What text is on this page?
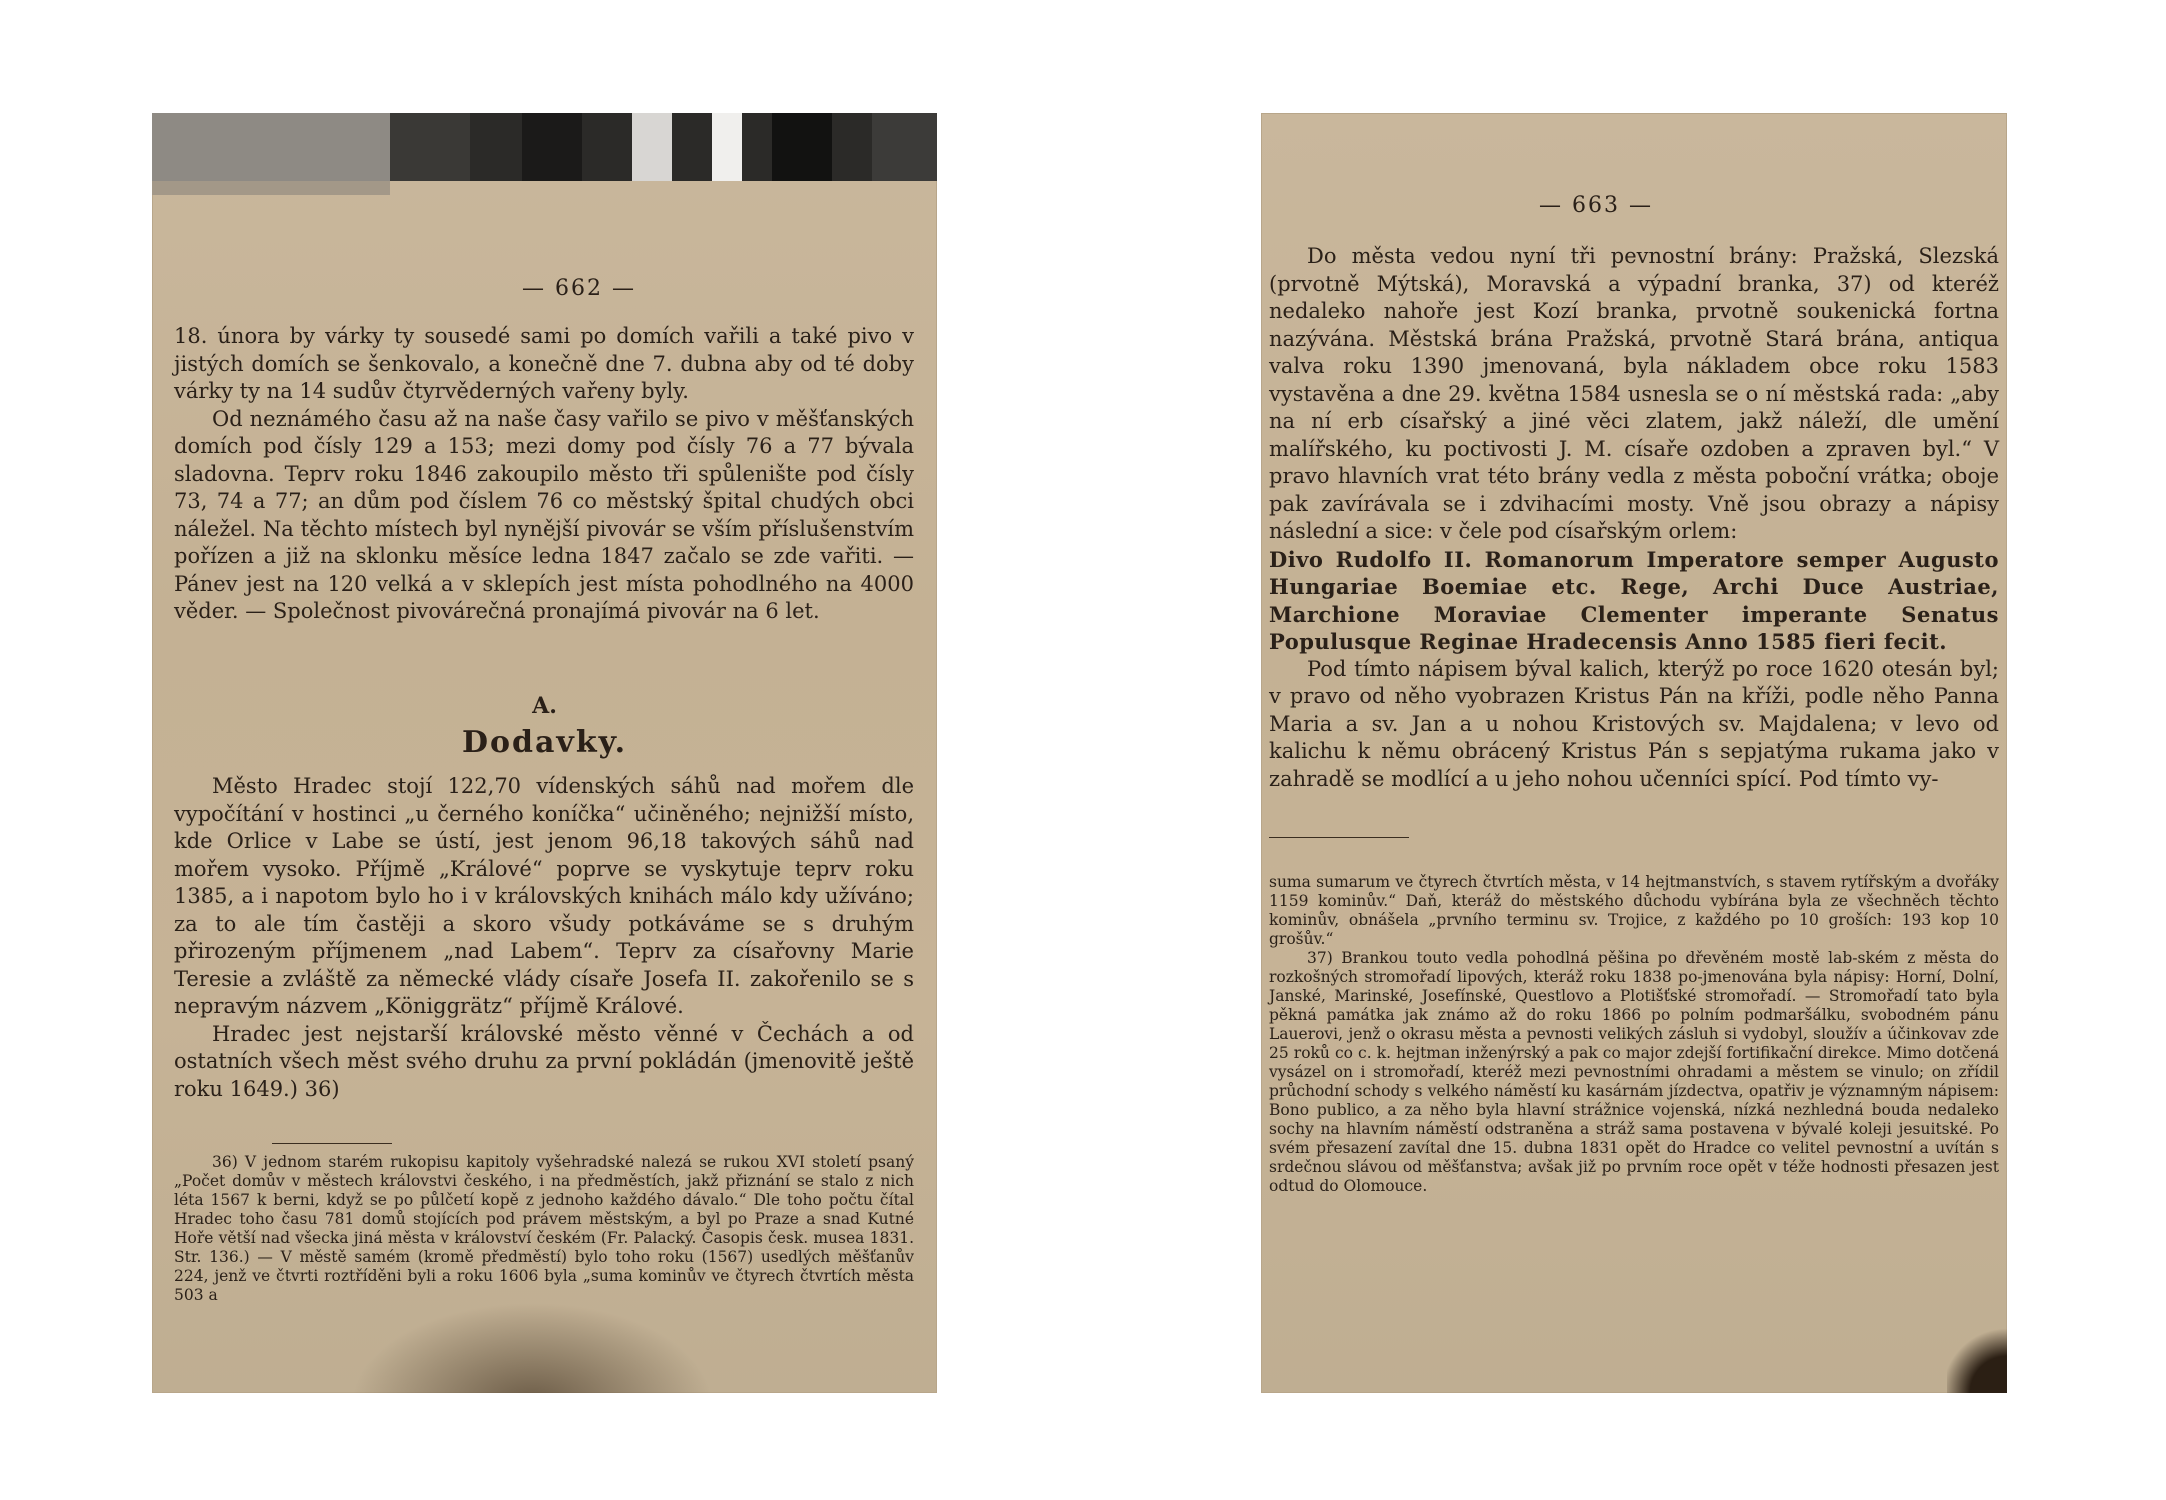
— 662 —

18. února by várky ty sousedé sami po domích vařili a také pivo v jistých domích se šenkovalo, a konečně dne 7. dubna aby od té doby várky ty na 14 sudův čtyrvěderných vařeny byly.

Od neznámého času až na naše časy vařilo se pivo v měšťanských domích pod čísly 129 a 153; mezi domy pod čísly 76 a 77 bývala sladovna. Teprv roku 1846 zakoupilo město tři spůlenište pod čísly 73, 74 a 77; an dům pod číslem 76 co městský špital chudých obci náležel. Na těchto místech byl nynější pivovár se vším příslušenstvím pořízen a již na sklonku měsíce ledna 1847 začalo se zde vařiti. — Pánev jest na 120 velká a v sklepích jest místa pohodlného na 4000 věder. — Společnost pivovárečná pronajímá pivovár na 6 let.

A.
Dodavky.

Město Hradec stojí 122,70 vídenských sáhů nad mořem dle vypočítání v hostinci „u černého koníčka“ učiněného; nejnižší místo, kde Orlice v Labe se ústí, jest jenom 96,18 takových sáhů nad mořem vysoko. Příjmě „Králové“ poprve se vyskytuje teprv roku 1385, a i napotom bylo ho i v královských knihách málo kdy užíváno; za to ale tím častěji a skoro všudy potkáváme se s druhým přirozeným příjmenem „nad Labem“. Teprv za císařovny Marie Teresie a zvláště za německé vlády císaře Josefa II. zakořenilo se s nepravým názvem „Königgrätz“ příjmě Králové.

Hradec jest nejstarší královské město věnné v Čechách a od ostatních všech měst svého druhu za první pokládán (jmenovitě ještě roku 1649.) 36)

36) V jednom starém rukopisu kapitoly vyšehradské nalezá se rukou XVI století psaný „Počet domův v městech královstvi českého, i na předměstích, jakž přiznání se stalo z nich léta 1567 k berni, když se po půlčetí kopě z jednoho každého dávalo.“ Dle toho počtu čítal Hradec toho času 781 domů stojících pod právem městským, a byl po Praze a snad Kutné Hoře větší nad všecka jiná města v království českém (Fr. Palacký. Časopis česk. musea 1831. Str. 136.) — V městě samém (kromě předměstí) bylo toho roku (1567) usedlých měšťanův 224, jenž ve čtvrti roztříděni byli a roku 1606 byla „suma kominův ve čtyrech čtvrtích města 503 a

— 663 —

Do města vedou nyní tři pevnostní brány: Pražská, Slezská (prvotně Mýtská), Moravská a výpadní branka, 37) od kteréž nedaleko nahoře jest Kozí branka, prvotně soukenická fortna nazývána. Městská brána Pražská, prvotně Stará brána, antiqua valva roku 1390 jmenovaná, byla nákladem obce roku 1583 vystavěna a dne 29. května 1584 usnesla se o ní městská rada: „aby na ní erb císařský a jiné věci zlatem, jakž náleží, dle umění malířského, ku poctivosti J. M. císaře ozdoben a zpraven byl.“ V pravo hlavních vrat této brány vedla z města poboční vrátka; oboje pak zavírávala se i zdvihacími mosty. Vně jsou obrazy a nápisy následní a sice: v čele pod císařským orlem:

Divo Rudolfo II. Romanorum Imperatore semper Augusto Hungariae Boemiae etc. Rege, Archi Duce Austriae, Marchione Moraviae Clementer imperante Senatus Populusque Reginae Hradecensis Anno 1585 fieri fecit.

Pod tímto nápisem býval kalich, kterýž po roce 1620 otesán byl; v pravo od něho vyobrazen Kristus Pán na kříži, podle něho Panna Maria a sv. Jan a u nohou Kristových sv. Majdalena; v levo od kalichu k němu obrácený Kristus Pán s sepjatýma rukama jako v zahradě se modlící a u jeho nohou učenníci spící. Pod tímto vy-

suma sumarum ve čtyrech čtvrtích města, v 14 hejtmanstvích, s stavem rytířským a dvořáky 1159 kominův.“ Daň, kteráž do městského důchodu vybírána byla ze všechněch těchto kominův, obnášela „prvního terminu sv. Trojice, z každého po 10 groších: 193 kop 10 grošův.“

37) Brankou touto vedla pohodlná pěšina po dřevěném mostě lab-ském z města do rozkošných stromořadí lipových, kteráž roku 1838 po-jmenována byla nápisy: Horní, Dolní, Janské, Marinské, Josefínské, Questlovo a Plotišťské stromořadí. — Stromořadí tato byla pěkná památka jak známo až do roku 1866 po polním podmaršálku, svobodném pánu Lauerovi, jenž o okrasu města a pevnosti velikých zásluh si vydobyl, sloužív a účinkovav zde 25 roků co c. k. hejtman inženýrský a pak co major zdejší fortifikační direkce. Mimo dotčená vysázel on i stromořadí, kteréž mezi pevnostními ohradami a městem se vinulo; on zřídil průchodní schody s velkého náměstí ku kasárnám jízdectva, opatřiv je významným nápisem: Bono publico, a za něho byla hlavní strážnice vojenská, nízká nezhledná bouda nedaleko sochy na hlavním náměstí odstraněna a stráž sama postavena v bývalé koleji jesuitské. Po svém přesazení zavítal dne 15. dubna 1831 opět do Hradce co velitel pevnostní a uvítán s srdečnou slávou od měšťanstva; avšak již po prvním roce opět v téže hodnosti přesazen jest odtud do Olomouce.
